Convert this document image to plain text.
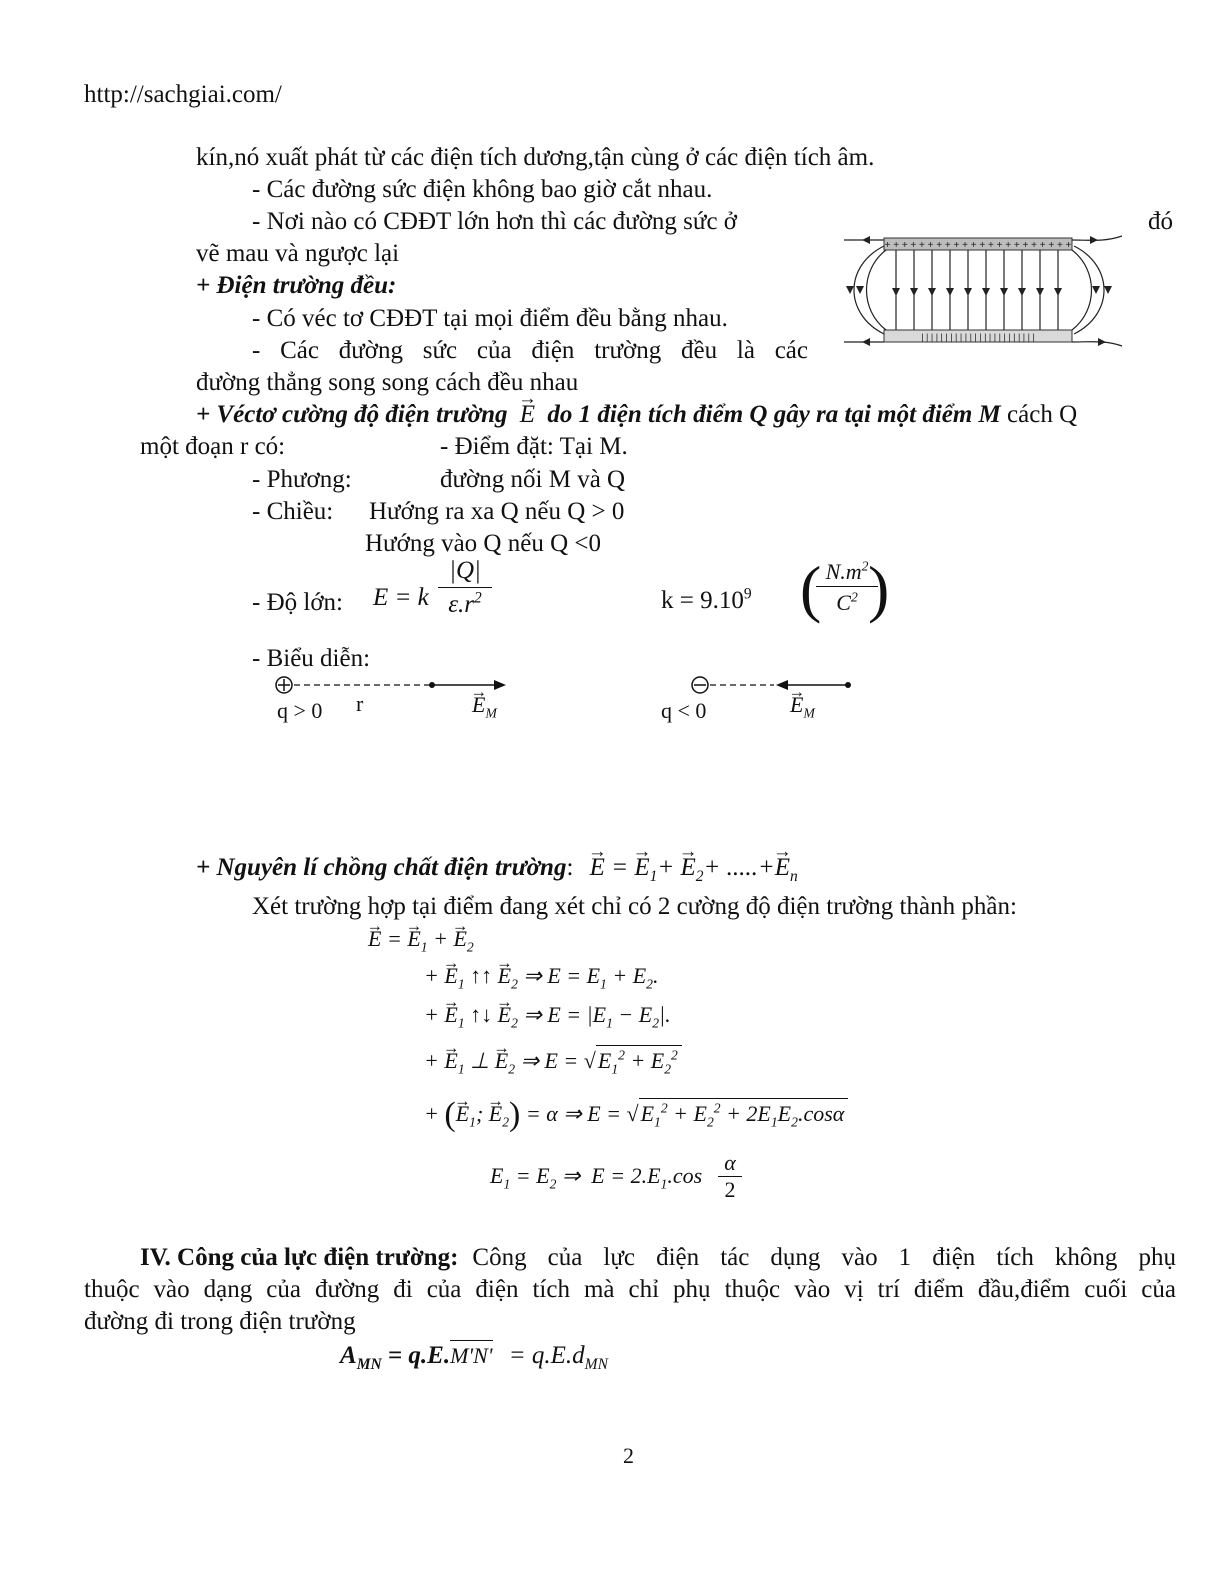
http://sachgiai.com/
kín,nó xuất phát từ các điện tích dương,tận cùng ở các điện tích âm.
- Các đường sức điện không bao giờ cắt nhau.
- Nơi nào có CĐĐT lớn hơn thì các đường sức ở	đó
vẽ mau và ngược lại
+ Điện trường đều:
- Có véc tơ CĐĐT tại mọi điểm đều bằng nhau.
- Các đường sức của điện trường đều là các
đường thẳng song song cách đều nhau
+ + + + + + + + + + + + + + + + + + + + + +
| | | | | | | | | | | | | | | | | | | | | | | |
+ Véctơ cường độ điện trường → E do 1 điện tích điểm Q gây ra tại một điểm M cách Q
một đoạn r có:	- Điểm đặt: Tại M.
- Phương:	đường nối M và Q
- Chiều: Hướng ra xa Q nếu Q > 0
Hướng vào Q nếu Q <0
- Độ lớn: E = k
|Q|
$\varepsilon.r^2$	$k = 9.10^9$ ( $N.m^2$
$C^2$ )
- Biểu diễn:
q > 0 r	→ $E_M$	q < 0	→ $E_M$
+ Nguyên lí chồng chất điện trường: → E = → $E_1+ \to E_2+$ .....+→ $E_n$
Xét trường hợp tại điểm đang xét chỉ có 2 cường độ điện trường thành phần:
→ E = → $E_1$ + → $E_2$
+ → $E_1$ ↑↑ → $E_2$ ⇒ $E = E_1 + E_2$.
+ → $E_1$ ↑↓ → $E_2$ ⇒ $E = |E_1 - E_2|$.
+ → $E_1$ ⊥ → $E_2$ ⇒ $E = √E_1^2 + E_2^2$
+ (→ $E_1$; → $E_2) = \alpha$ ⇒ $E = √E_1^2 + E_2^2 + 2E_1E_2.\cos\alpha$
$E_1 = E_2$ ⇒  $E = 2.E_1.\cos$
α
2
IV. Công của lực điện trường: Công của lực điện tác dụng vào 1 điện tích không phụ
thuộc vào dạng của đường đi của điện tích mà chỉ phụ thuộc vào vị trí điểm đầu,điểm cuối của
đường đi trong điện trường
$A_{MN} = q.E.M'N' = q.E.d_{MN}$
2
